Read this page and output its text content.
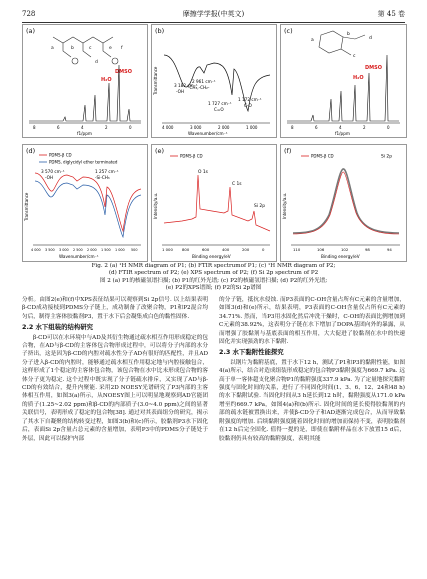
728	摩擦学学报(中英文)	第 45 卷
(a)
a	b	c
d
e f
DMSO
H₂O
8	6	4	2	0
f1/ppm
(b)
Transmittance	3 182 cm⁻¹
-OH
2 961 cm⁻¹
-CH₃,-CH₂-
1 727 cm⁻¹
C=O
1 172 cm⁻¹
C-O
4 000	3 000	2 000	1 000
Wavenumber/cm⁻¹
(c)
a
b
c
d
DMSO
H₂O
8	6	4	2	0
f1/ppm
(d)	PDMS-β CD
PDMS, diglycidyl ether terminated
Transmittance
3 570 cm⁻¹
-OH
1 257 cm⁻¹
-Si-CH₃
4 000 3 500 3 000 2 500 2 000 1 500 1 000 500
Wavenumber/cm⁻¹
(e)
PDMS-β CD
Intensity/a.u.
O 1s
C 1s
Si 2p
1 000 800	600	400	200	0
Binding energy/eV
(f)
PDMS-β CD	Si 2p
Intensity/a.u.
110	106	102	98	94
Binding energy/eV
Fig. 2 (a) ¹H NMR diagram of P1; (b) FTIR spectrumof P1; (c) ¹H NMR diagram of P2;
(d) FTIR spectrum of P2; (e) XPS spectrum of P2; (f) Si 2p spectrum of P2
图 2 (a) P1的核磁氢谱扫描; (b) P1的红外光谱; (c) P2的核磁氢谱扫描; (d) P2的红外光谱;
(e) P2的XPS谱图; (f) P2的Si 2p谱图

分析。由图2(e)和(f)中XPS表征结果可以观察到Si 2p信号. 以上结果表明β-CD成功接枝到PDMS分子链上，成功制备了改聚合物，P1和P2混合均匀后，制得主客体胶黏剂P3，置于水下后会凝集成白色的黏性固体.

2.2 水下组装的结构研究

β-CD可以在水环境中与AD及其衍生物通过疏水相互作用形成稳定的包合物，在AD与β-CD的主客体包合物形成过程中，可以将分子内部的水分子挤出，这是因为β-CD的内腔对疏水性分子AD有很好的匹配性，并且AD分子进入β-CD的内腔时，能够通过疏水相互作用稳定地与内腔接触包合，这样形成了1个稳定的主客体包合物，该包合物在水中比未形成包合物的客体分子更为稳定. 这个过程中既实现了分子链疏水排斥，又实现了AD与β-CD的有效结合，提升内聚能. 采用2D NOESY光谱研究了P3内部的主客体相互作用，如图3(a)所示，从NOESY图上可以明显地观察到AD官能团的质子(1.25~2.02 ppm)和β-CD的内部质子(3.0~4.0 ppm)之间的显著关联信号，表明形成了稳定的包合物[38]. 通过对其表面组分的研究，揭示了其水下自凝聚的结构转变过程，如图3(b)和(c)所示，胶黏剂P3水下固化后，表面Si 2p含量占总元素的含量增加，表明P3中的PDMS分子链处于外层，因此可以保护内部

的分子链，抵抗水侵蚀. 而P3表面的C-OH含量占所有C元素的含量增加，如图3(d)和(e)所示，结果表明，P3表面的C-OH含量仅占所有C元素的34.71%. 然而，当P3用水固化然后冲洗干燥时，C-OH的表面比例增加到C元素的38.92%，这表明分子链在水下增加了DOPA基团向外的暴露，从而增强了胶黏剂与基底表面的相互作用，大大促进了胶黏剂在水中的快速固化并实现强劲的水下黏附.

2.3 水下黏附性能探究

以钢片为黏附基底，置于水下12 h，测试了P1和P3的黏附性能，如图4(a)所示，结合对造成组装形成稳定的包合物P3黏附强度为669.7 kPa. 远高于单一客体超支化聚合物P1的黏附强度337.9 kPa. 为了定量地探究黏附强度与固化时间的关系，进行了不同固化时间(1、3、6、12、24和48 h)的水下黏附试验. 当固化时间从3 h延长到12 h时，黏附强度从171.0 kPa增至约669.7 kPa，如图4(a)和(b)所示. 固化时间的延长使得胶黏剂的内部的疏水链被置换出来，并使β-CD分子和AD逐渐完成包合，从而导致黏附强度的增加. 后续黏附强度随着固化时间的增加而保持不变，表明胶黏剂在12 h后完全固化. 值得一提的是，即使在黏附样品在水下放置15 d后，胶黏剂仍具有较高的黏附强度，表明其能
